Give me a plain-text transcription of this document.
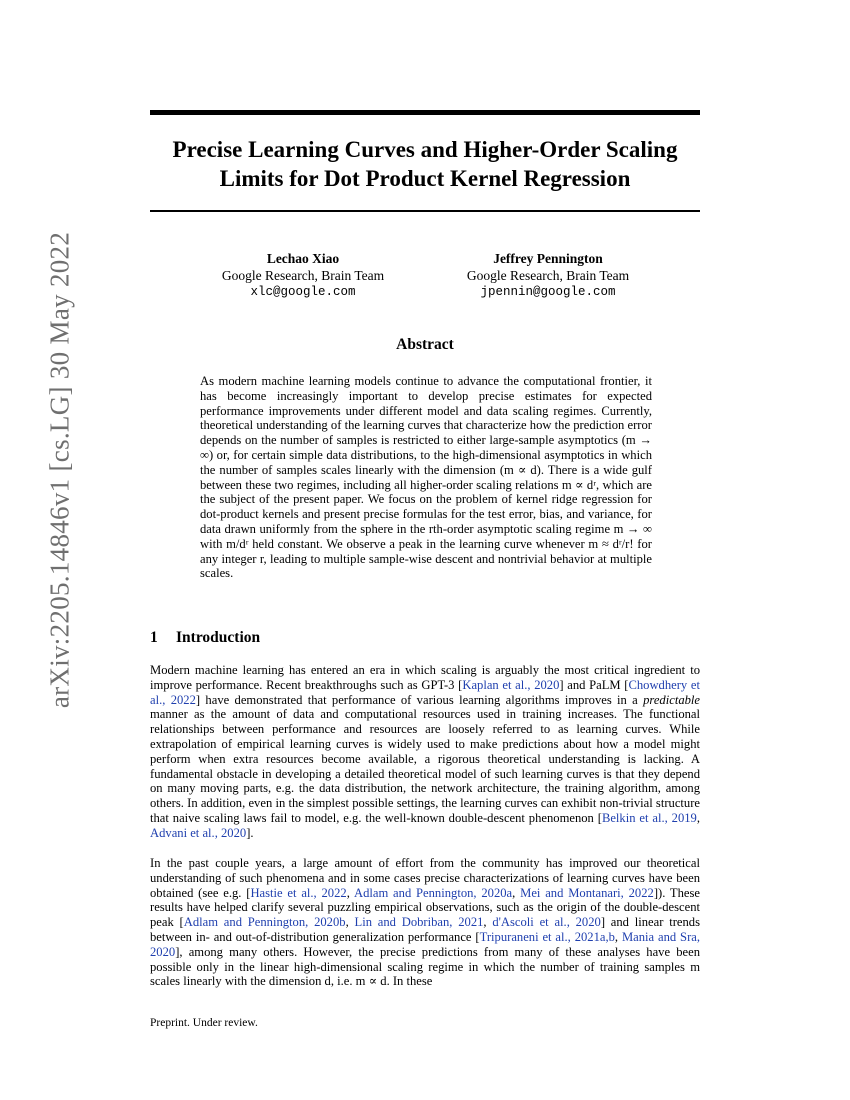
arXiv:2205.14846v1 [cs.LG] 30 May 2022
Precise Learning Curves and Higher-Order Scaling
Limits for Dot Product Kernel Regression
Lechao Xiao
Google Research, Brain Team
xlc@google.com
Jeffrey Pennington
Google Research, Brain Team
jpennin@google.com
Abstract
As modern machine learning models continue to advance the computational frontier, it has become increasingly important to develop precise estimates for expected performance improvements under different model and data scaling regimes. Currently, theoretical understanding of the learning curves that characterize how the prediction error depends on the number of samples is restricted to either large-sample asymptotics (m → ∞) or, for certain simple data distributions, to the high-dimensional asymptotics in which the number of samples scales linearly with the dimension (m ∝ d). There is a wide gulf between these two regimes, including all higher-order scaling relations m ∝ dʳ, which are the subject of the present paper. We focus on the problem of kernel ridge regression for dot-product kernels and present precise formulas for the test error, bias, and variance, for data drawn uniformly from the sphere in the rth-order asymptotic scaling regime m → ∞ with m/dʳ held constant. We observe a peak in the learning curve whenever m ≈ dʳ/r! for any integer r, leading to multiple sample-wise descent and nontrivial behavior at multiple scales.
1 Introduction
Modern machine learning has entered an era in which scaling is arguably the most critical ingredient to improve performance. Recent breakthroughs such as GPT-3 [Kaplan et al., 2020] and PaLM [Chowdhery et al., 2022] have demonstrated that performance of various learning algorithms improves in a predictable manner as the amount of data and computational resources used in training increases. The functional relationships between performance and resources are loosely referred to as learning curves. While extrapolation of empirical learning curves is widely used to make predictions about how a model might perform when extra resources become available, a rigorous theoretical understanding is lacking. A fundamental obstacle in developing a detailed theoretical model of such learning curves is that they depend on many moving parts, e.g. the data distribution, the network architecture, the training algorithm, among others. In addition, even in the simplest possible settings, the learning curves can exhibit non-trivial structure that naive scaling laws fail to model, e.g. the well-known double-descent phenomenon [Belkin et al., 2019, Advani et al., 2020].
In the past couple years, a large amount of effort from the community has improved our theoretical understanding of such phenomena and in some cases precise characterizations of learning curves have been obtained (see e.g. [Hastie et al., 2022, Adlam and Pennington, 2020a, Mei and Montanari, 2022]). These results have helped clarify several puzzling empirical observations, such as the origin of the double-descent peak [Adlam and Pennington, 2020b, Lin and Dobriban, 2021, d'Ascoli et al., 2020] and linear trends between in- and out-of-distribution generalization performance [Tripuraneni et al., 2021a,b, Mania and Sra, 2020], among many others. However, the precise predictions from many of these analyses have been possible only in the linear high-dimensional scaling regime in which the number of training samples m scales linearly with the dimension d, i.e. m ∝ d. In these
Preprint. Under review.
